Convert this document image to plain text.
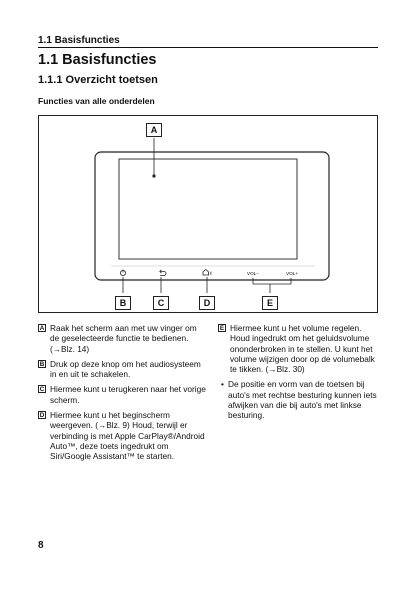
1.1 Basisfuncties
1.1 Basisfuncties
1.1.1 Overzicht toetsen
Functies van alle onderdelen
ℓ	VOL−	VOL+
A
B	C	D	E
A Raak het scherm aan met uw vinger om de geselecteerde functie te bedienen. (→Blz. 14)
B Druk op deze knop om het audiosysteem in en uit te schakelen.
C Hiermee kunt u terugkeren naar het vorige scherm.
D Hiermee kunt u het beginscherm weergeven. (→Blz. 9) Houd, terwijl er verbinding is met Apple CarPlay®/Android Auto™, deze toets ingedrukt om Siri/Google Assistant™ te starten.
E Hiermee kunt u het volume regelen. Houd ingedrukt om het geluidsvolume ononderbroken in te stellen. U kunt het volume wijzigen door op de volumebalk te tikken. (→Blz. 30)
• De positie en vorm van de toetsen bij auto's met rechtse besturing kunnen iets afwijken van die bij auto's met linkse besturing.
8
